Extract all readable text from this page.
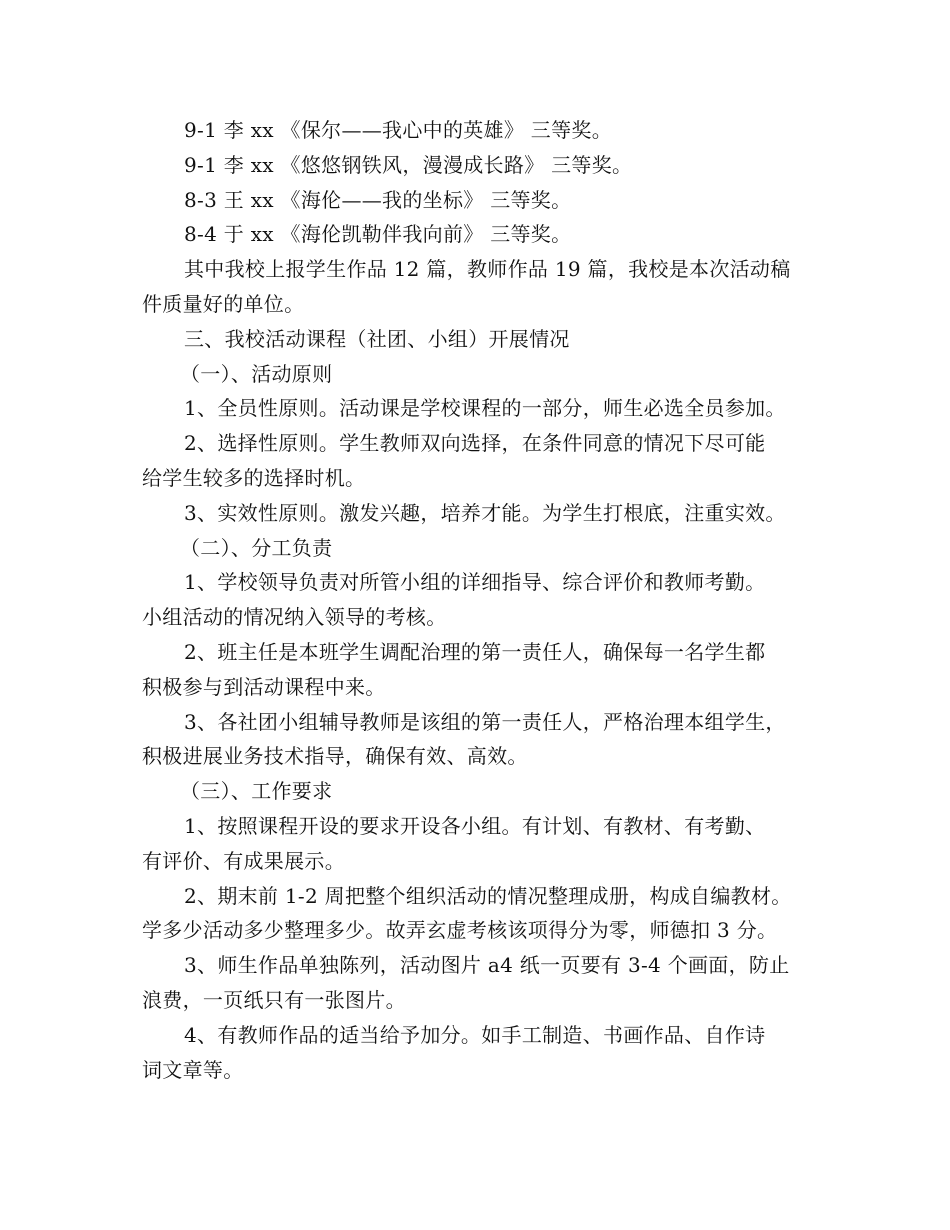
9-1 李 xx 《保尔——我心中的英雄》 三等奖。
9-1 李 xx 《悠悠钢铁风，漫漫成长路》 三等奖。
8-3 王 xx 《海伦——我的坐标》 三等奖。
8-4 于 xx 《海伦凯勒伴我向前》 三等奖。
其中我校上报学生作品 12 篇，教师作品 19 篇，我校是本次活动稿
件质量好的单位。
三、我校活动课程（社团、小组）开展情况
（一）、活动原则
1、全员性原则。活动课是学校课程的一部分，师生必选全员参加。
2、选择性原则。学生教师双向选择，在条件同意的情况下尽可能
给学生较多的选择时机。
3、实效性原则。激发兴趣，培养才能。为学生打根底，注重实效。
（二）、分工负责
1、学校领导负责对所管小组的详细指导、综合评价和教师考勤。
小组活动的情况纳入领导的考核。
2、班主任是本班学生调配治理的第一责任人，确保每一名学生都
积极参与到活动课程中来。
3、各社团小组辅导教师是该组的第一责任人，严格治理本组学生，
积极进展业务技术指导，确保有效、高效。
（三）、工作要求
1、按照课程开设的要求开设各小组。有计划、有教材、有考勤、
有评价、有成果展示。
2、期末前 1-2 周把整个组织活动的情况整理成册，构成自编教材。
学多少活动多少整理多少。故弄玄虚考核该项得分为零，师德扣 3 分。
3、师生作品单独陈列，活动图片 a4 纸一页要有 3-4 个画面，防止
浪费，一页纸只有一张图片。
4、有教师作品的适当给予加分。如手工制造、书画作品、自作诗
词文章等。
